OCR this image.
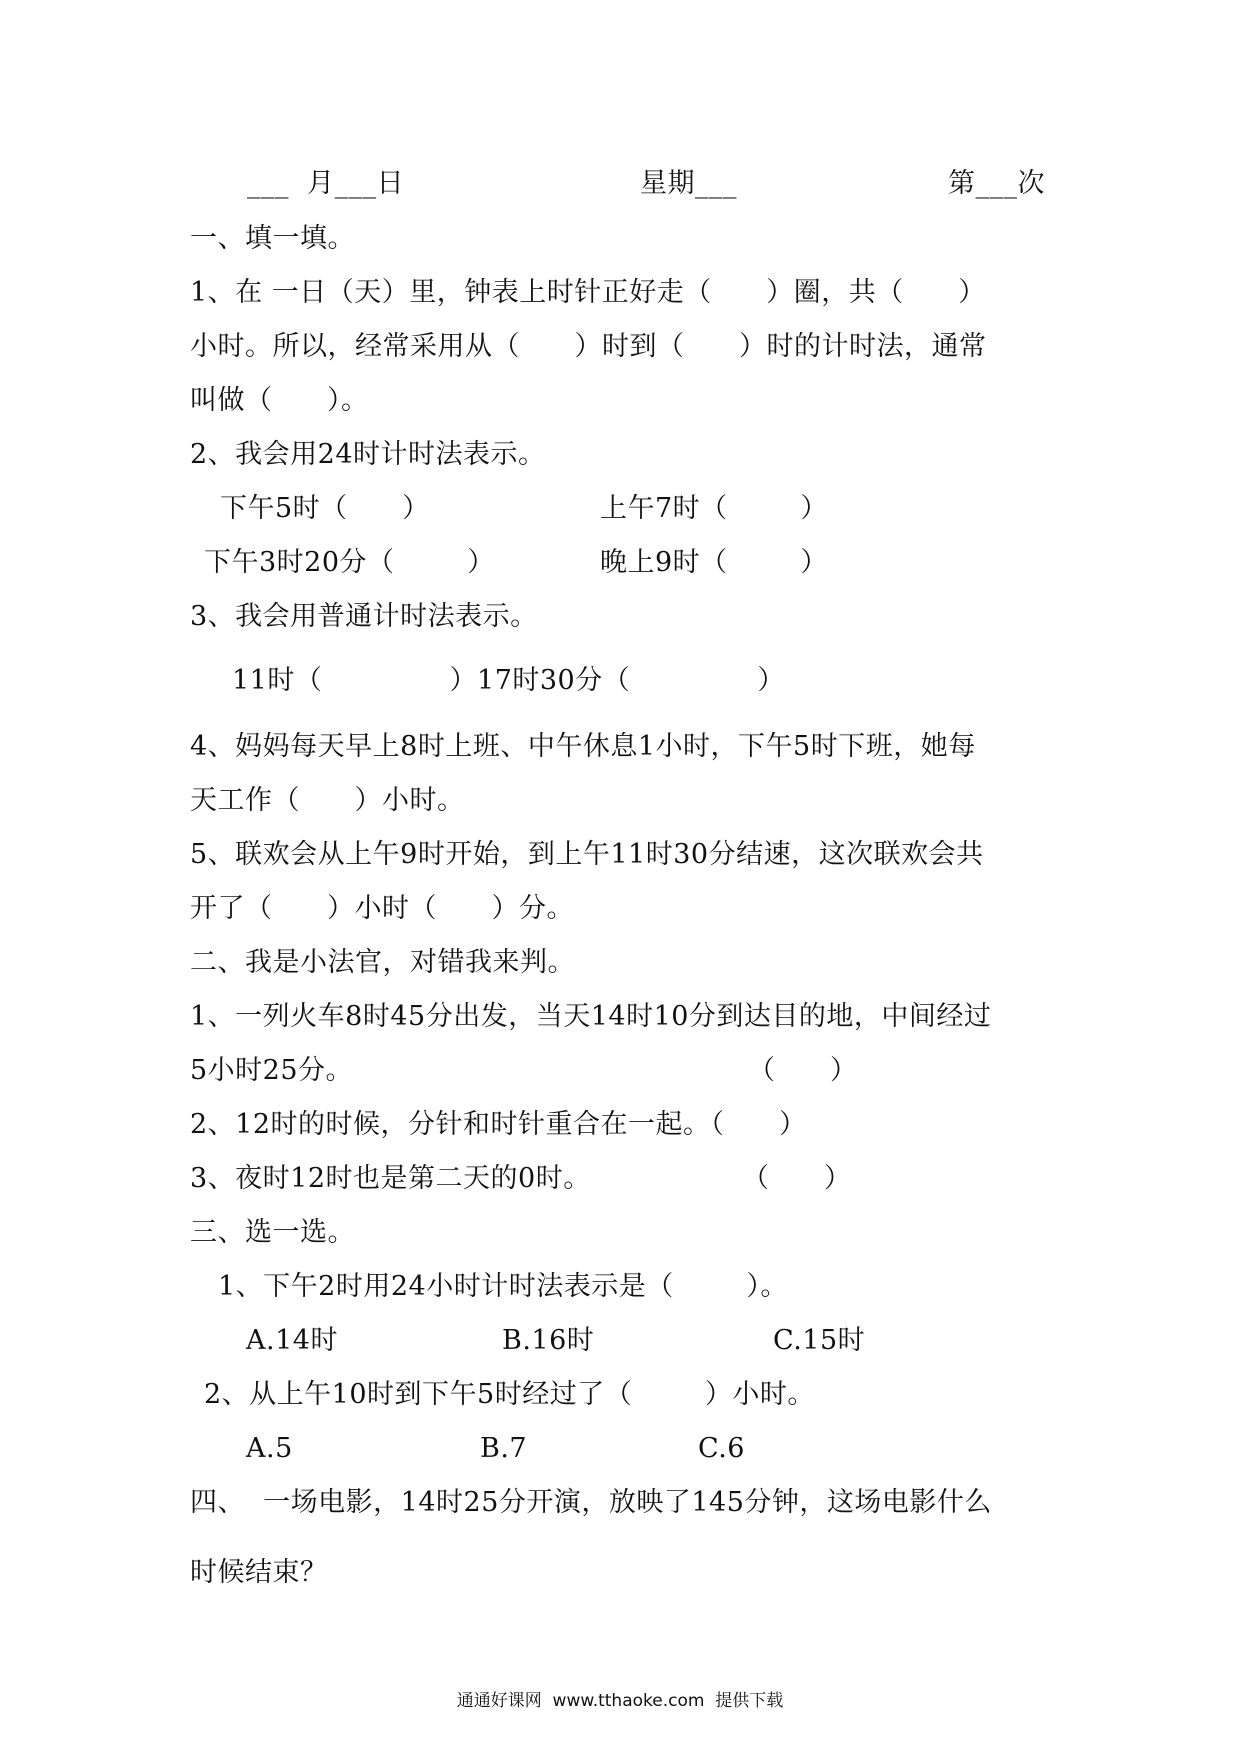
___  月___日	星期___	第___次
一、填一填。
1、在 一日（天）里，钟表上时针正好走（      ）圈，共（      ）
小时。所以，经常采用从（      ）时到（      ）时的计时法，通常
叫做（      ）。
2、我会用24时计时法表示。
下午5时（      ）	上午7时（        ）
下午3时20分（        ）	晚上9时（        ）
3、我会用普通计时法表示。
11时（              ）17时30分（              ）
4、妈妈每天早上8时上班、中午休息1小时，下午5时下班，她每
天工作（      ）小时。
5、联欢会从上午9时开始，到上午11时30分结速，这次联欢会共
开了（      ）小时（      ）分。
二、我是小法官，对错我来判。
1、一列火车8时45分出发，当天14时10分到达目的地，中间经过
5小时25分。	（      ）
2、12时的时候，分针和时针重合在一起。（      ）
3、夜时12时也是第二天的0时。	（      ）
三、选一选。
1、下午2时用24小时计时法表示是（        ）。
A.14时	B.16时	C.15时
2、从上午10时到下午5时经过了（        ）小时。
A.5	B.7	C.6
四、  一场电影，14时25分开演，放映了145分钟，这场电影什么
时候结束？
通通好课网  www.tthaoke.com  提供下载
